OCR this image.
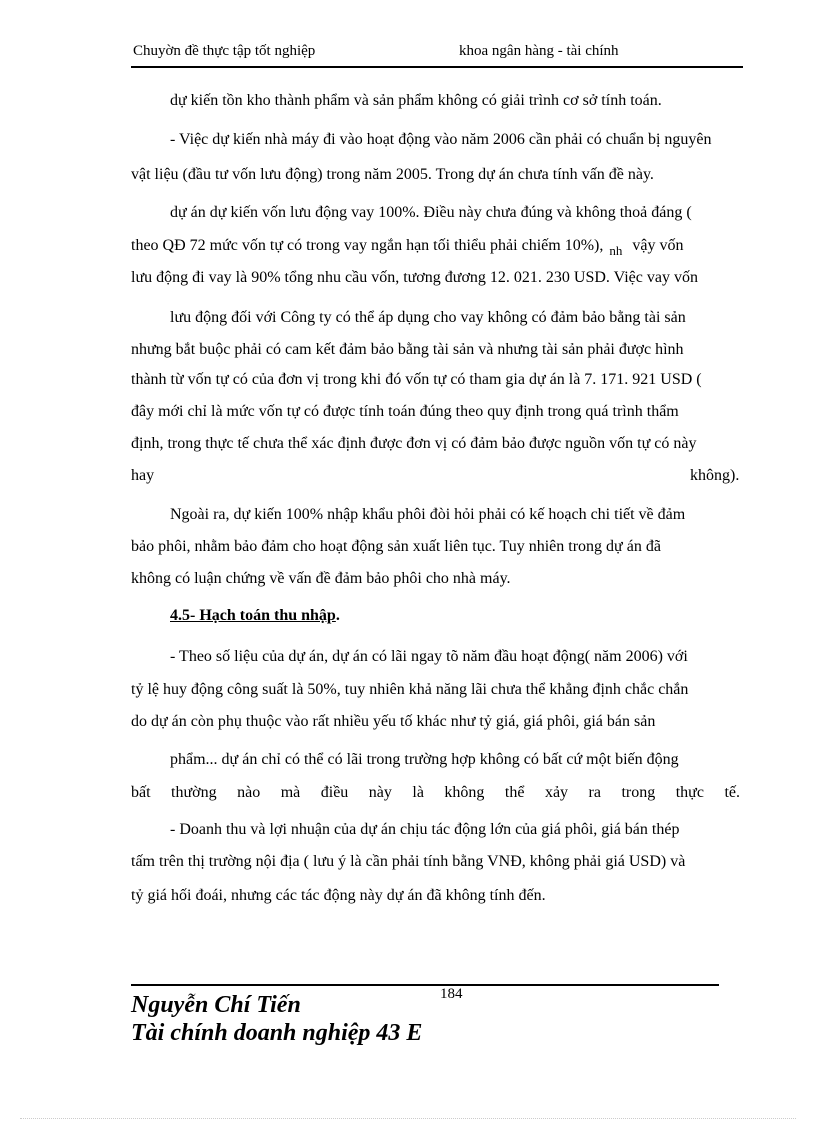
Chuyờn đề thực tập tốt nghiệp	khoa ngân hàng - tài chính
dự kiến tồn kho thành phẩm và sản phẩm không có giải trình cơ sở tính toán.
- Việc dự kiến nhà máy đi vào hoạt động vào năm 2006 cần phải có chuẩn bị nguyên
vật liệu (đầu tư vốn lưu động) trong năm 2005. Trong dự án chưa tính vấn đề này.
dự án dự kiến vốn lưu động vay 100%. Điều này chưa đúng và không thoả đáng (
theo QĐ 72 mức vốn tự có trong vay ngắn hạn tối thiểu phải chiếm 10%), $_{nh}$ vậy vốn
lưu động đi vay là 90% tổng nhu cầu vốn, tương đương 12. 021. 230 USD. Việc vay vốn
lưu động đối với Công ty có thể áp dụng cho vay không có đảm bảo bằng tài sản
nhưng bắt buộc phải có cam kết đảm bảo bằng tài sản và nhưng tài sản phải được hình
thành từ vốn tự có của đơn vị trong khi đó vốn tự có tham gia dự án là 7. 171. 921 USD (
đây mới chỉ là mức vốn tự có được tính toán đúng theo quy định trong quá trình thẩm
định, trong thực tế chưa thể xác định được đơn vị có đảm bảo được nguồn vốn tự có này
hay	không).
Ngoài ra, dự kiến 100% nhập khẩu phôi đòi hỏi phải có kế hoạch chi tiết về đảm
bảo phôi, nhằm bảo đảm cho hoạt động sản xuất liên tục. Tuy nhiên trong dự án đã
không có luận chứng về vấn đề đảm bảo phôi cho nhà máy.
4.5- Hạch toán thu nhập.
- Theo số liệu của dự án, dự án có lãi ngay tõ năm đầu hoạt động( năm 2006) với
tỷ lệ huy động công suất là 50%, tuy nhiên khả năng lãi chưa thể khẳng định chắc chắn
do dự án còn phụ thuộc vào rất nhiều yếu tố khác như tỷ giá, giá phôi, giá bán sản
phẩm... dự án chỉ có thể có lãi trong trường hợp không có bất cứ một biến động
bất thường nào mà điều này là không thể xảy ra trong thực tế.
- Doanh thu và lợi nhuận của dự án chịu tác động lớn của giá phôi, giá bán thép
tấm trên thị trường nội địa ( lưu ý là cần phải tính bằng VNĐ, không phải giá USD) và
tỷ giá hối đoái, nhưng các tác động này dự án đã không tính đến.
184
Nguyễn Chí Tiến
Tài chính doanh nghiệp 43 E
